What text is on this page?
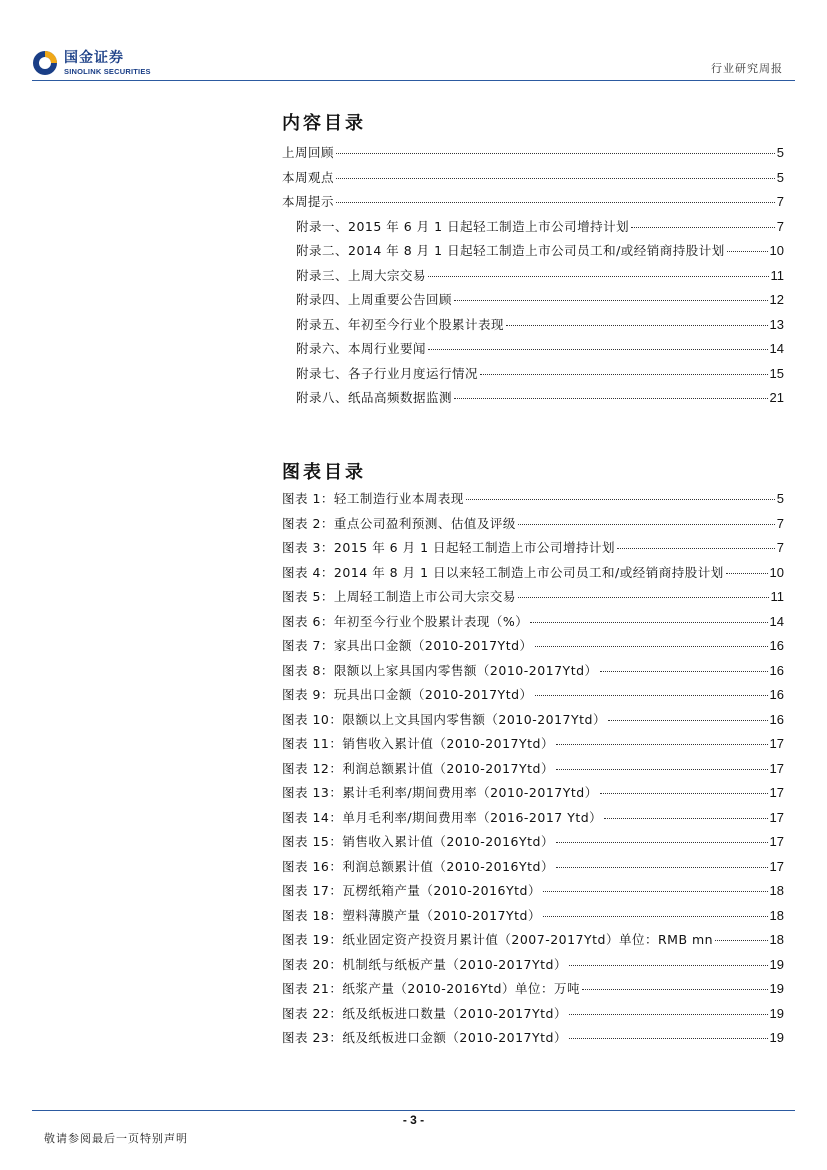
国金证券
SINOLINK SECURITIES	行业研究周报
内容目录
上周回顾	5
本周观点	5
本周提示	7
附录一、2015 年 6 月 1 日起轻工制造上市公司增持计划	7
附录二、2014 年 8 月 1 日起轻工制造上市公司员工和/或经销商持股计划	10
附录三、上周大宗交易	11
附录四、上周重要公告回顾	12
附录五、年初至今行业个股累计表现	13
附录六、本周行业要闻	14
附录七、各子行业月度运行情况	15
附录八、纸品高频数据监测	21
图表目录
图表 1：轻工制造行业本周表现	5
图表 2：重点公司盈利预测、估值及评级	7
图表 3：2015 年 6 月 1 日起轻工制造上市公司增持计划	7
图表 4：2014 年 8 月 1 日以来轻工制造上市公司员工和/或经销商持股计划	10
图表 5：上周轻工制造上市公司大宗交易	11
图表 6：年初至今行业个股累计表现（%）	14
图表 7：家具出口金额（2010-2017Ytd）	16
图表 8：限额以上家具国内零售额（2010-2017Ytd）	16
图表 9：玩具出口金额（2010-2017Ytd）	16
图表 10：限额以上文具国内零售额（2010-2017Ytd）	16
图表 11：销售收入累计值（2010-2017Ytd）	17
图表 12：利润总额累计值（2010-2017Ytd）	17
图表 13：累计毛利率/期间费用率（2010-2017Ytd）	17
图表 14：单月毛利率/期间费用率（2016-2017 Ytd）	17
图表 15：销售收入累计值（2010-2016Ytd）	17
图表 16：利润总额累计值（2010-2016Ytd）	17
图表 17：瓦楞纸箱产量（2010-2016Ytd）	18
图表 18：塑料薄膜产量（2010-2017Ytd）	18
图表 19：纸业固定资产投资月累计值（2007-2017Ytd）单位：RMB mn	18
图表 20：机制纸与纸板产量（2010-2017Ytd）	19
图表 21：纸浆产量（2010-2016Ytd）单位：万吨	19
图表 22：纸及纸板进口数量（2010-2017Ytd）	19
图表 23：纸及纸板进口金额（2010-2017Ytd）	19
- 3 -
敬请参阅最后一页特别声明
